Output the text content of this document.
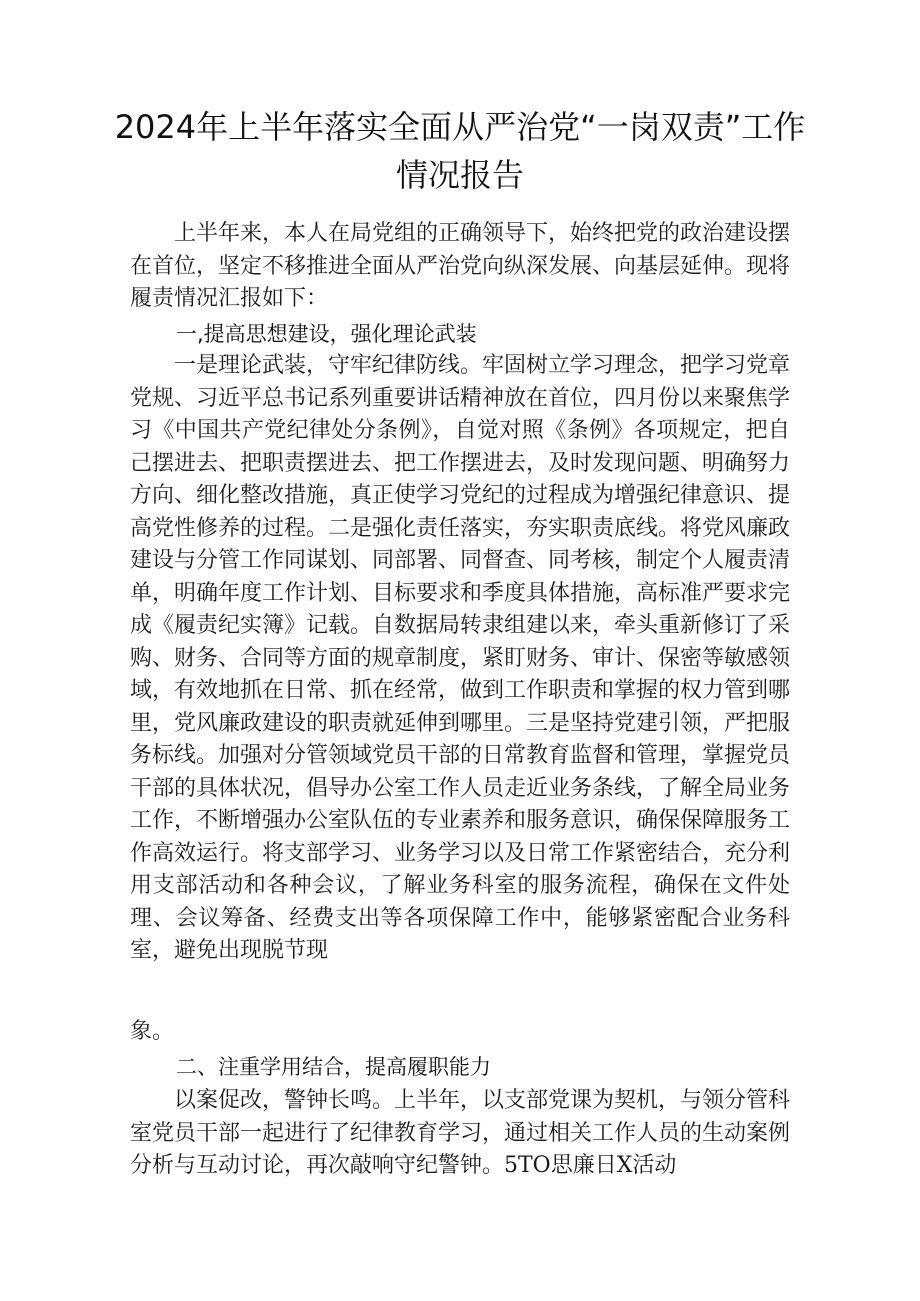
2024年上半年落实全面从严治党“一岗双责”工作情况报告

上半年来，本人在局党组的正确领导下，始终把党的政治建设摆在首位，坚定不移推进全面从严治党向纵深发展、向基层延伸。现将履责情况汇报如下：

一,提高思想建设，强化理论武装

一是理论武装，守牢纪律防线。牢固树立学习理念，把学习党章党规、习近平总书记系列重要讲话精神放在首位，四月份以来聚焦学习《中国共产党纪律处分条例》，自觉对照《条例》各项规定，把自己摆进去、把职责摆进去、把工作摆进去，及时发现问题、明确努力方向、细化整改措施，真正使学习党纪的过程成为增强纪律意识、提高党性修养的过程。二是强化责任落实，夯实职责底线。将党风廉政建设与分管工作同谋划、同部署、同督查、同考核，制定个人履责清单，明确年度工作计划、目标要求和季度具体措施，高标准严要求完成《履责纪实簿》记载。自数据局转隶组建以来，牵头重新修订了采购、财务、合同等方面的规章制度，紧盯财务、审计、保密等敏感领域，有效地抓在日常、抓在经常，做到工作职责和掌握的权力管到哪里，党风廉政建设的职责就延伸到哪里。三是坚持党建引领，严把服务标线。加强对分管领域党员干部的日常教育监督和管理，掌握党员干部的具体状况，倡导办公室工作人员走近业务条线，了解全局业务工作，不断增强办公室队伍的专业素养和服务意识，确保保障服务工作高效运行。将支部学习、业务学习以及日常工作紧密结合，充分利用支部活动和各种会议，了解业务科室的服务流程，确保在文件处理、会议筹备、经费支出等各项保障工作中，能够紧密配合业务科室，避免出现脱节现

象。

二、注重学用结合，提高履职能力

以案促改，警钟长鸣。上半年，以支部党课为契机，与领分管科室党员干部一起进行了纪律教育学习，通过相关工作人员的生动案例分析与互动讨论，再次敲响守纪警钟。5TO思廉日X活动
